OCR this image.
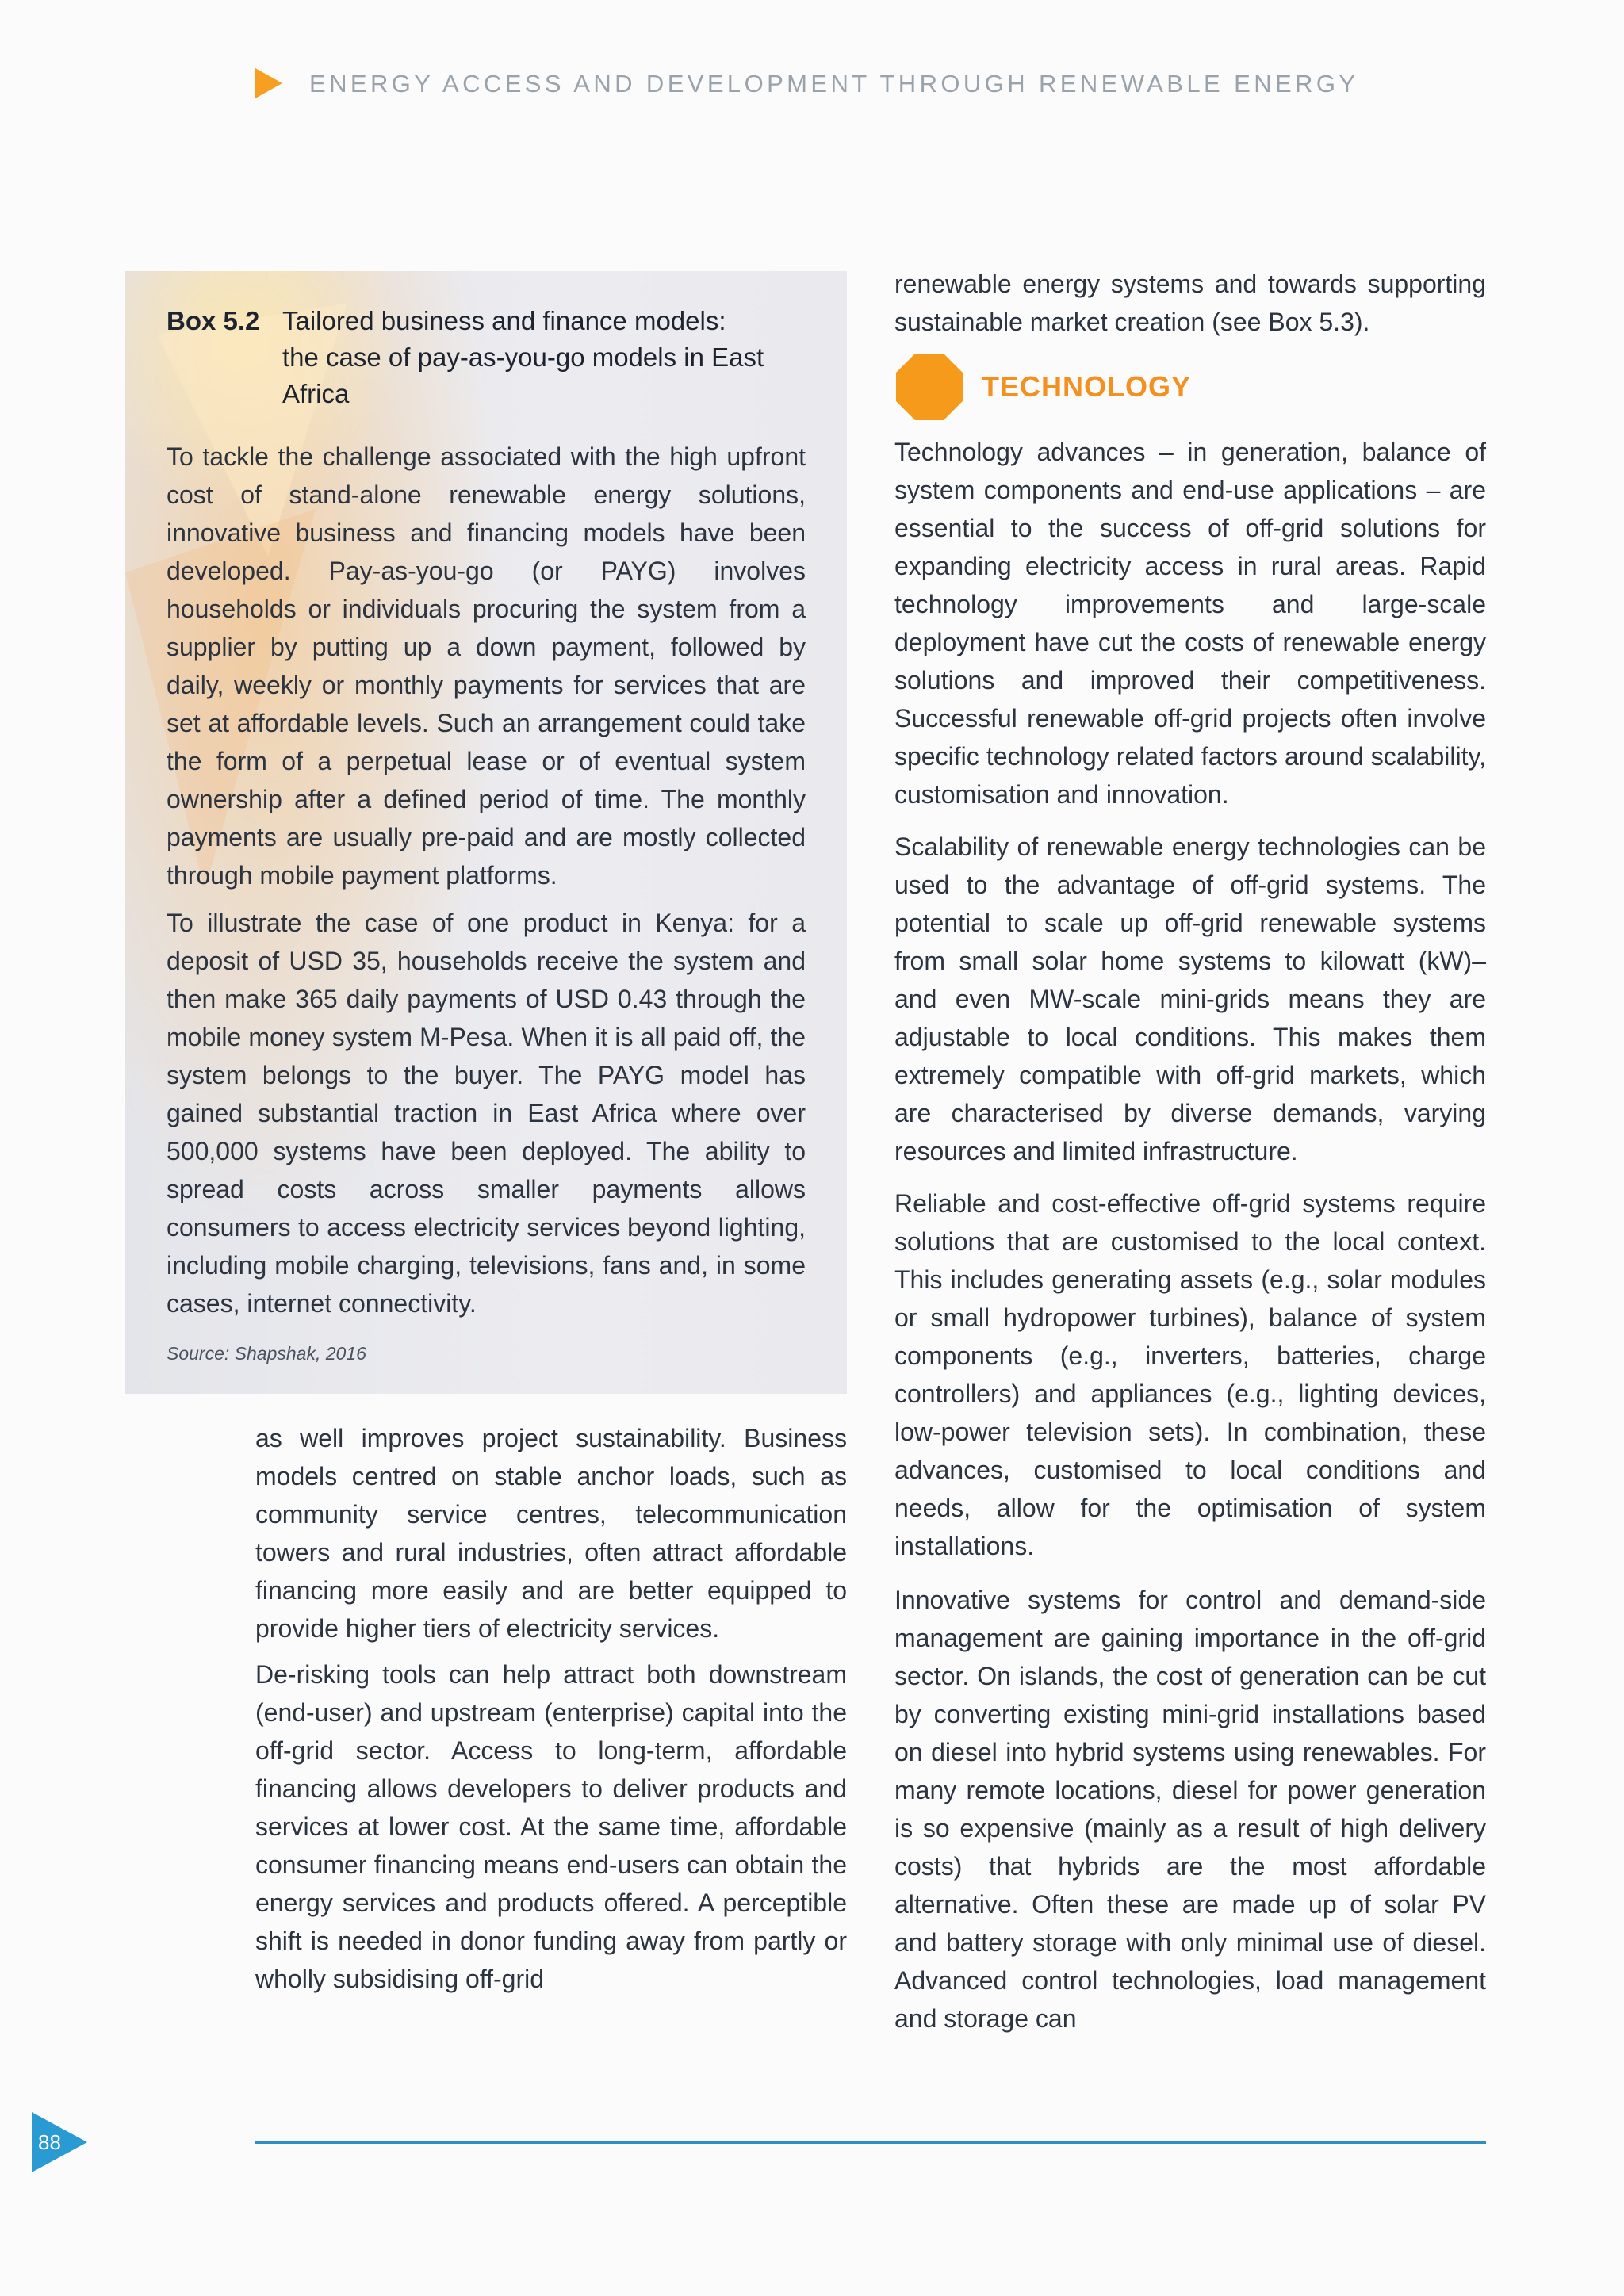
ENERGY ACCESS AND DEVELOPMENT THROUGH RENEWABLE ENERGY
Box 5.2 Tailored business and finance models:
the case of pay-as-you-go models in East
Africa

To tackle the challenge associated with the high upfront cost of stand-alone renewable energy solutions, innovative business and financing models have been developed. Pay-as-you-go (or PAYG) involves households or individuals procuring the system from a supplier by putting up a down payment, followed by daily, weekly or monthly payments for services that are set at affordable levels. Such an arrangement could take the form of a perpetual lease or of eventual system ownership after a defined period of time. The monthly payments are usually pre-paid and are mostly collected through mobile payment platforms.

To illustrate the case of one product in Kenya: for a deposit of USD 35, households receive the system and then make 365 daily payments of USD 0.43 through the mobile money system M-Pesa. When it is all paid off, the system belongs to the buyer. The PAYG model has gained substantial traction in East Africa where over 500,000 systems have been deployed. The ability to spread costs across smaller payments allows consumers to access electricity services beyond lighting, including mobile charging, televisions, fans and, in some cases, internet connectivity.

Source: Shapshak, 2016

as well improves project sustainability. Business models centred on stable anchor loads, such as community service centres, telecommunication towers and rural industries, often attract affordable financing more easily and are better equipped to provide higher tiers of electricity services.

De-risking tools can help attract both downstream (end-user) and upstream (enterprise) capital into the off-grid sector. Access to long-term, affordable financing allows developers to deliver products and services at lower cost. At the same time, affordable consumer financing means end-users can obtain the energy services and products offered. A perceptible shift is needed in donor funding away from partly or wholly subsidising off-grid

renewable energy systems and towards supporting sustainable market creation (see Box 5.3).

TECHNOLOGY

Technology advances – in generation, balance of system components and end-use applications – are essential to the success of off-grid solutions for expanding electricity access in rural areas. Rapid technology improvements and large-scale deployment have cut the costs of renewable energy solutions and improved their competitiveness. Successful renewable off-grid projects often involve specific technology related factors around scalability, customisation and innovation.

Scalability of renewable energy technologies can be used to the advantage of off-grid systems. The potential to scale up off-grid renewable systems from small solar home systems to kilowatt (kW)– and even MW-scale mini-grids means they are adjustable to local conditions. This makes them extremely compatible with off-grid markets, which are characterised by diverse demands, varying resources and limited infrastructure.

Reliable and cost-effective off-grid systems require solutions that are customised to the local context. This includes generating assets (e.g., solar modules or small hydropower turbines), balance of system components (e.g., inverters, batteries, charge controllers) and appliances (e.g., lighting devices, low-power television sets). In combination, these advances, customised to local conditions and needs, allow for the optimisation of system installations.

Innovative systems for control and demand-side management are gaining importance in the off-grid sector. On islands, the cost of generation can be cut by converting existing mini-grid installations based on diesel into hybrid systems using renewables. For many remote locations, diesel for power generation is so expensive (mainly as a result of high delivery costs) that hybrids are the most affordable alternative. Often these are made up of solar PV and battery storage with only minimal use of diesel. Advanced control technologies, load management and storage can

88
